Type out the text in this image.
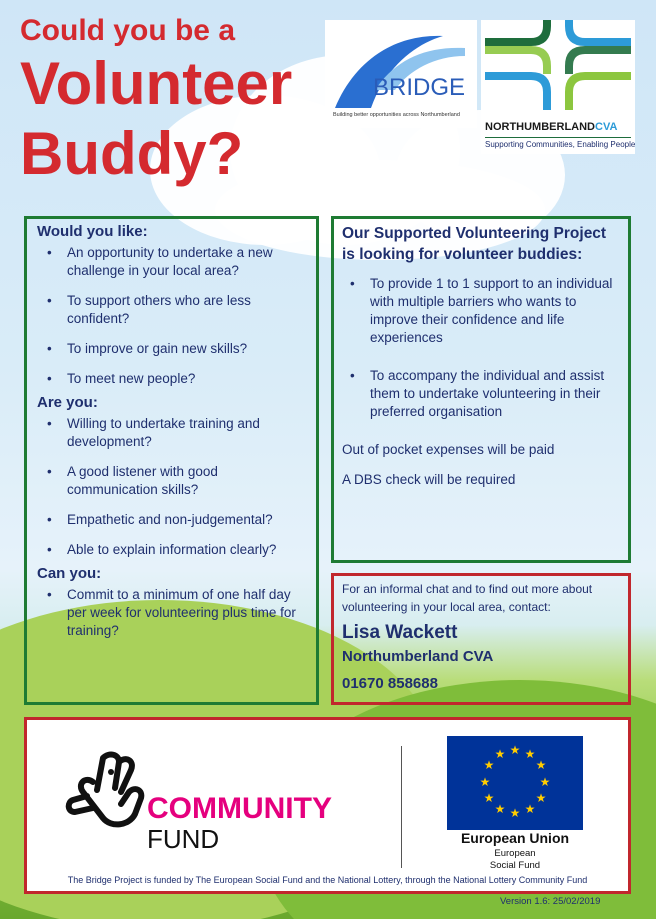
Could you be a
Volunteer
Buddy?
BRIDGE
Building better opportunities across Northumberland
NORTHUMBERLANDCVA
Supporting Communities, Enabling People
Would you like:
• An opportunity to undertake a new challenge in your local area?
• To support others who are less confident?
• To improve or gain new skills?
• To meet new people?
Are you:
• Willing to undertake training and development?
• A good listener with good communication skills?
• Empathetic and non-judgemental?
• Able to explain information clearly?
Can you:
• Commit to a minimum of one half day per week for volunteering plus time for training?

Our Supported Volunteering Project is looking for volunteer buddies:

• To provide 1 to 1 support to an individual with multiple barriers who wants to improve their confidence and life experiences
• To accompany the individual and assist them to undertake volunteering in their preferred organisation

Out of pocket expenses will be paid

A DBS check will be required

For an informal chat and to find out more about volunteering in your local area, contact:

Lisa Wackett

Northumberland CVA

01670 858688

COMMUNITY
FUND
★ ★
★
★
★
★
★
★
★
★
★
★
European Union
European
Social Fund
The Bridge Project is funded by The European Social Fund and the National Lottery, through the National Lottery Community Fund
Version 1.6: 25/02/2019
